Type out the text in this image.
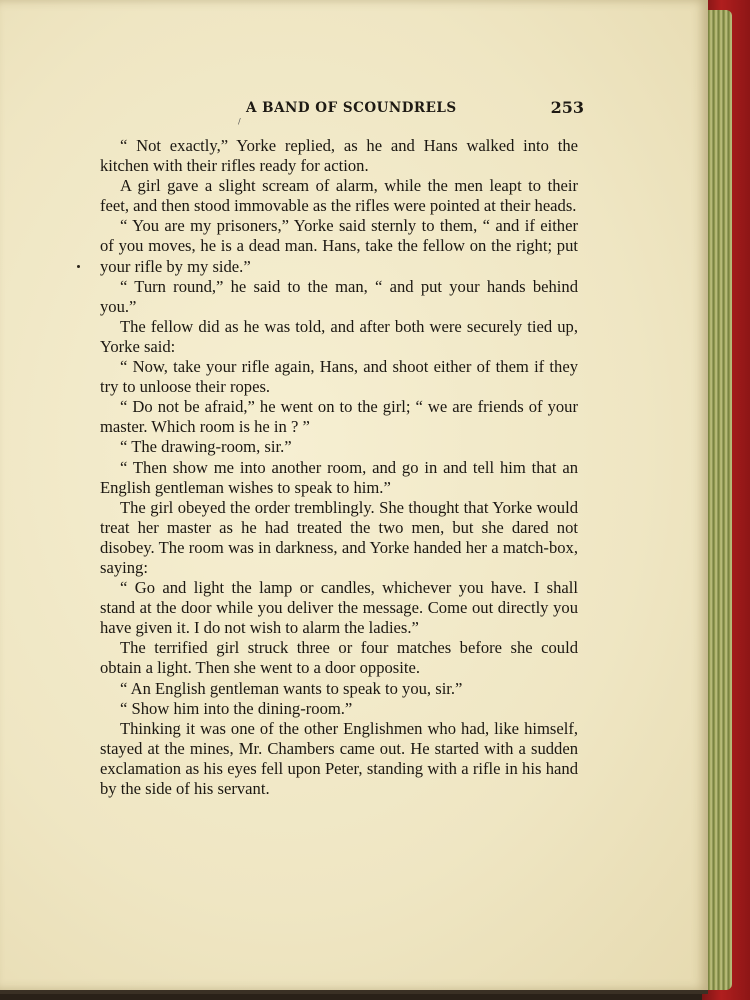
A BAND OF SCOUNDRELS	253
/

“ Not exactly,” Yorke replied, as he and Hans walked into the kitchen with their rifles ready for action.

A girl gave a slight scream of alarm, while the men leapt to their feet, and then stood immovable as the rifles were pointed at their heads.

“ You are my prisoners,” Yorke said sternly to them, “ and if either of you moves, he is a dead man. Hans, take the fellow on the right; put your rifle by my side.”

“ Turn round,” he said to the man, “ and put your hands behind you.”

The fellow did as he was told, and after both were securely tied up, Yorke said:

“ Now, take your rifle again, Hans, and shoot either of them if they try to unloose their ropes.

“ Do not be afraid,” he went on to the girl; “ we are friends of your master. Which room is he in ? ”

“ The drawing-room, sir.”

“ Then show me into another room, and go in and tell him that an English gentleman wishes to speak to him.”

The girl obeyed the order tremblingly. She thought that Yorke would treat her master as he had treated the two men, but she dared not disobey. The room was in darkness, and Yorke handed her a match-box, saying:

“ Go and light the lamp or candles, whichever you have. I shall stand at the door while you deliver the message. Come out directly you have given it. I do not wish to alarm the ladies.”

The terrified girl struck three or four matches before she could obtain a light. Then she went to a door opposite.

“ An English gentleman wants to speak to you, sir.”

“ Show him into the dining-room.”

Thinking it was one of the other Englishmen who had, like himself, stayed at the mines, Mr. Chambers came out. He started with a sudden exclamation as his eyes fell upon Peter, standing with a rifle in his hand by the side of his servant.
